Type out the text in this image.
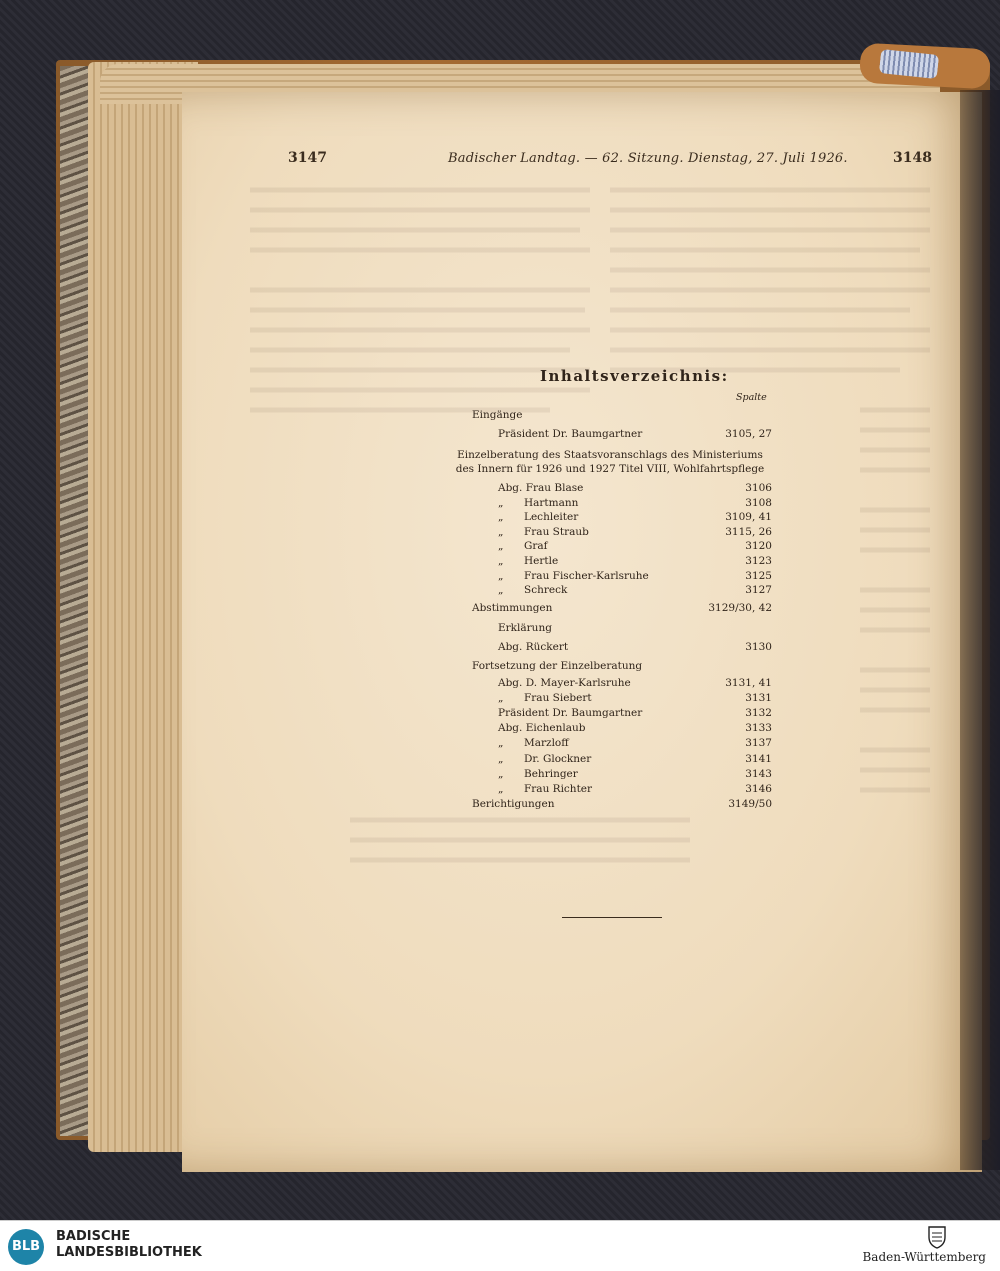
3147	Badischer Landtag. — 62. Sitzung. Dienstag, 27. Juli 1926.	3148
Inhaltsverzeichnis:
Spalte
Eingänge
Präsident Dr. Baumgartner	3105, 27
Einzelberatung des Staatsvoranschlags des Ministeriums
des Innern für 1926 und 1927 Titel VIII, Wohlfahrtspflege
Abg. Frau Blase	3106
„ Hartmann	3108
„ Lechleiter	3109, 41
„ Frau Straub	3115, 26
„ Graf	3120
„ Hertle	3123
„ Frau Fischer-Karlsruhe	3125
„ Schreck	3127
Abstimmungen	3129/30, 42
Erklärung
Abg. Rückert	3130
Fortsetzung der Einzelberatung
Abg. D. Mayer-Karlsruhe	3131, 41
„ Frau Siebert	3131
Präsident Dr. Baumgartner	3132
Abg. Eichenlaub	3133
„ Marzloff	3137
„ Dr. Glockner	3141
„ Behringer	3143
„ Frau Richter	3146
Berichtigungen	3149/50
BLB
BADISCHE
LANDESBIBLIOTHEK	Baden-Württemberg
